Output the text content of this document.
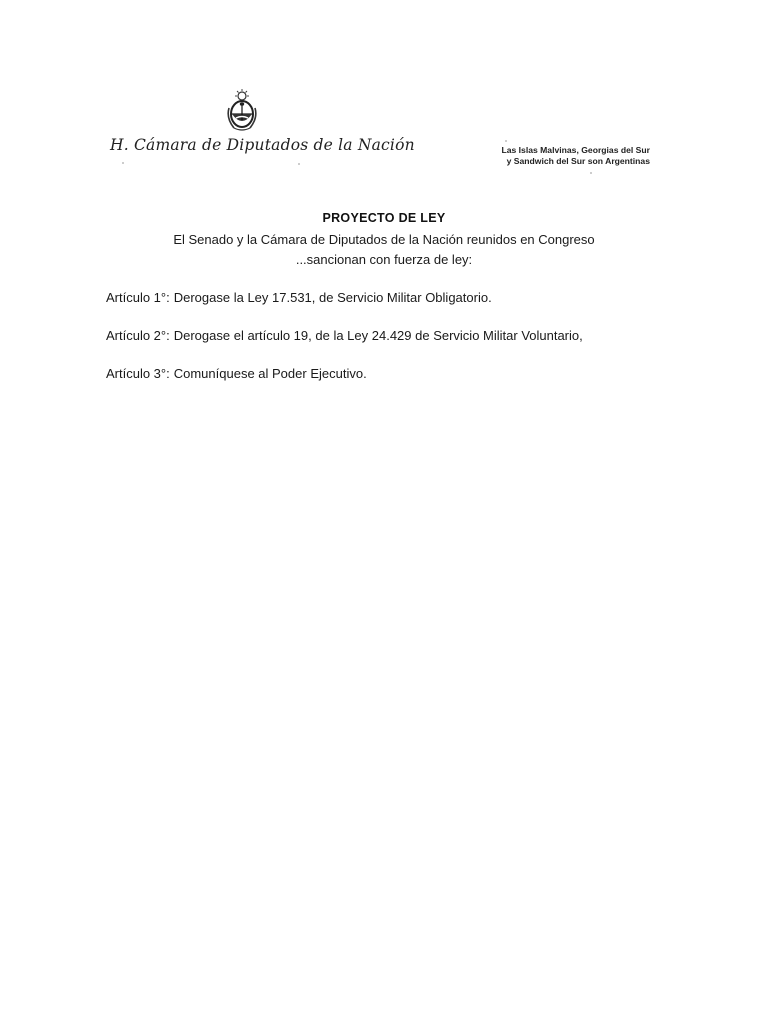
H. Cámara de Diputados de la Nación	Las Islas Malvinas, Georgias del Sur
y Sandwich del Sur son Argentinas
PROYECTO DE LEY
El Senado y la Cámara de Diputados de la Nación reunidos en Congreso
...sancionan con fuerza de ley:
Artículo 1°: Derogase la Ley 17.531, de Servicio Militar Obligatorio.
Artículo 2°: Derogase el artículo 19, de la Ley 24.429 de Servicio Militar Voluntario,
Artículo 3°: Comuníquese al Poder Ejecutivo.
